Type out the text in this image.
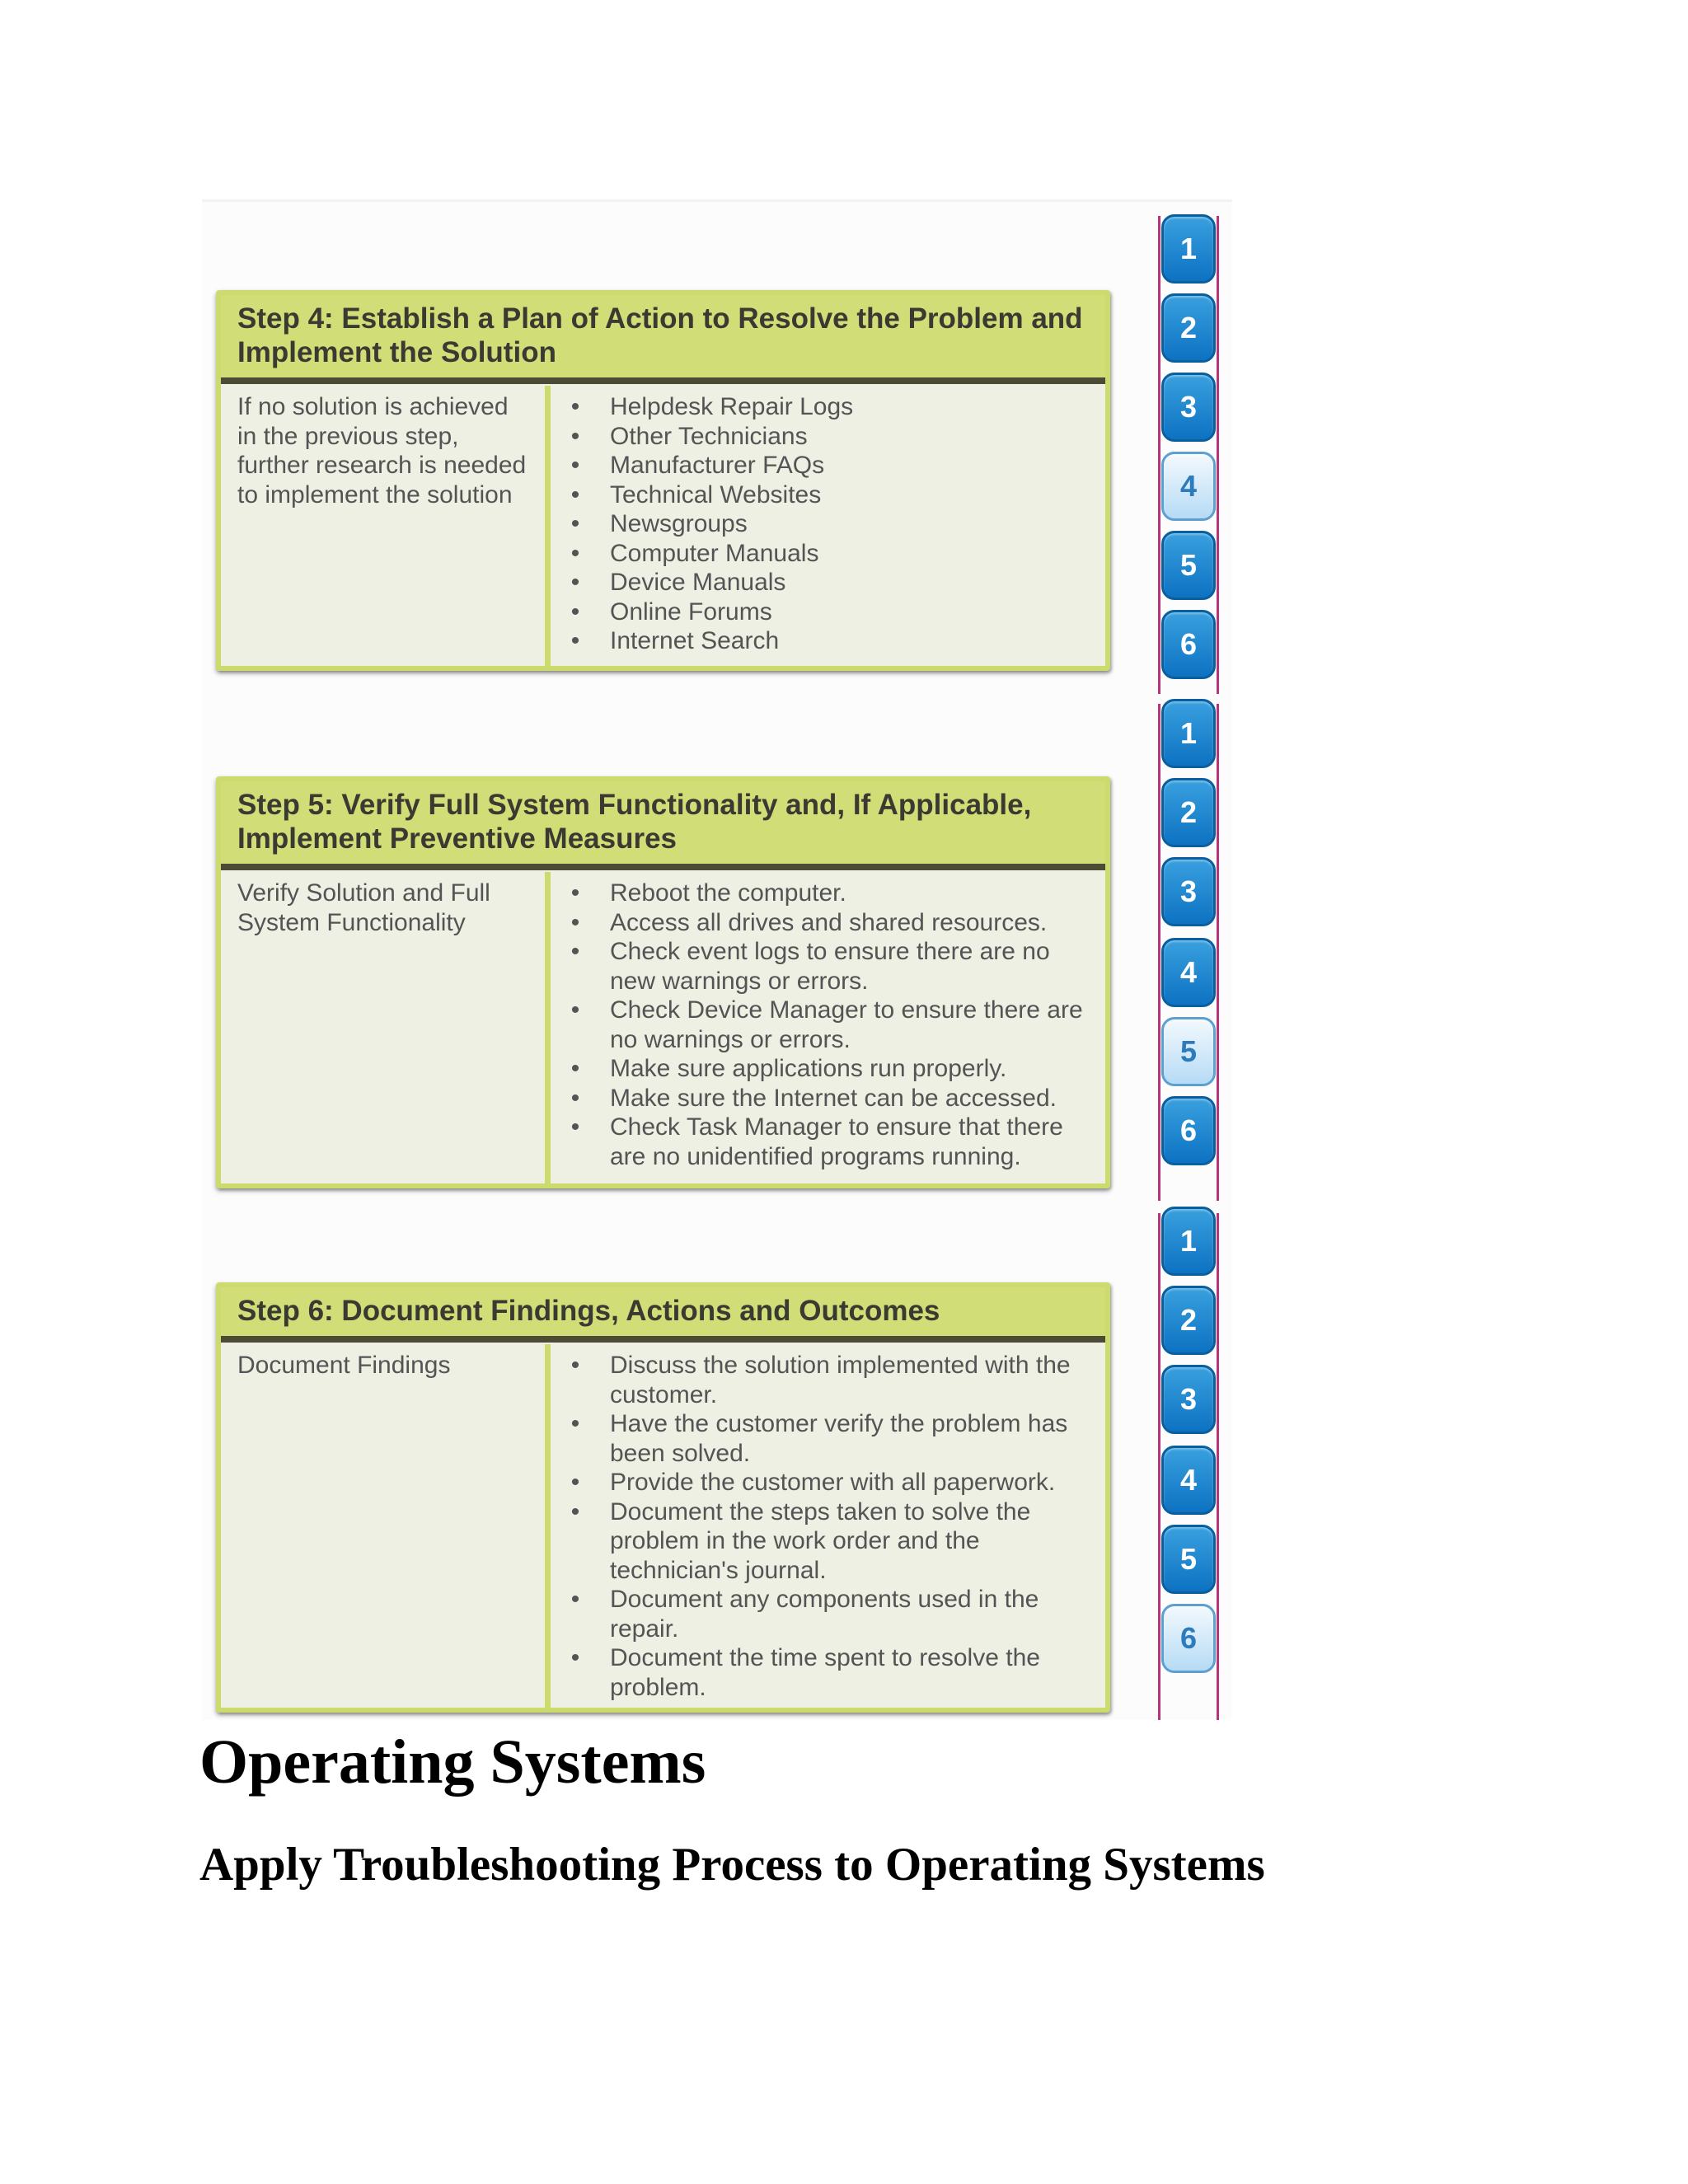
Step 4: Establish a Plan of Action to Resolve the Problem and Implement the Solution
If no solution is achieved in the previous step, further research is needed to implement the solution
• Helpdesk Repair Logs
• Other Technicians
• Manufacturer FAQs
• Technical Websites
• Newsgroups
• Computer Manuals
• Device Manuals
• Online Forums
• Internet Search
1
2
3
4
5
6
Step 5: Verify Full System Functionality and, If Applicable, Implement Preventive Measures
Verify Solution and Full System Functionality
• Reboot the computer.
• Access all drives and shared resources.
• Check event logs to ensure there are no new warnings or errors.
• Check Device Manager to ensure there are no warnings or errors.
• Make sure applications run properly.
• Make sure the Internet can be accessed.
• Check Task Manager to ensure that there are no unidentified programs running.
1
2
3
4
5
6
Step 6: Document Findings, Actions and Outcomes
Document Findings	• Discuss the solution implemented with the customer.
• Have the customer verify the problem has been solved.
• Provide the customer with all paperwork.
• Document the steps taken to solve the problem in the work order and the technician's journal.
• Document any components used in the repair.
• Document the time spent to resolve the problem.
1
2
3
4
5
6
Operating Systems
Apply Troubleshooting Process to Operating Systems
